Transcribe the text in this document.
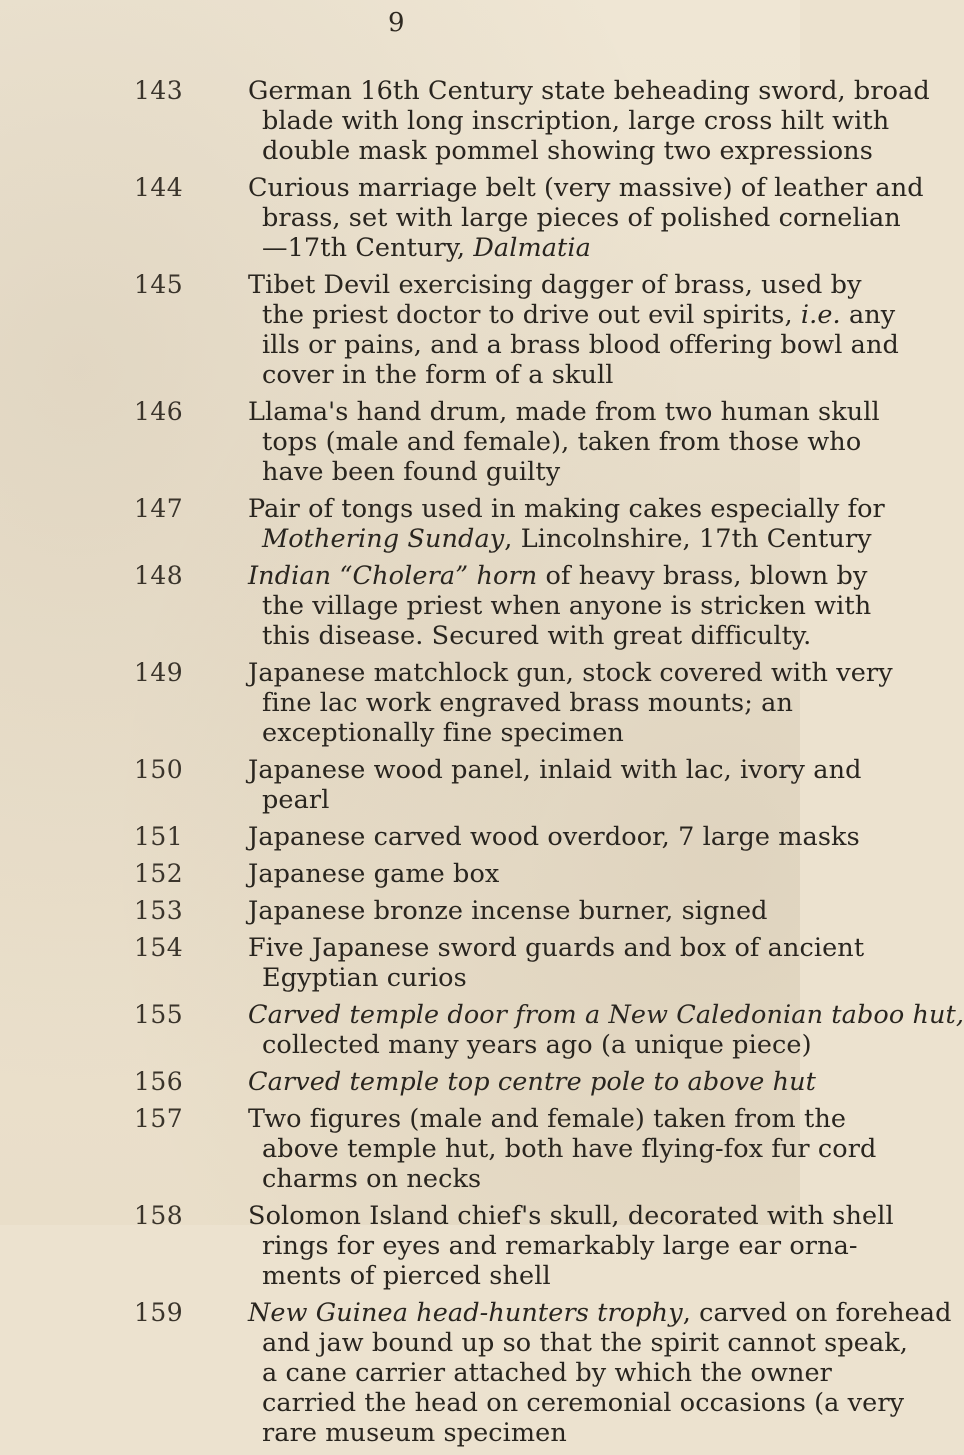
9
143	German 16th Century state beheading sword, broad
blade with long inscription, large cross hilt with
double mask pommel showing two expressions
144	Curious marriage belt (very massive) of leather and
brass, set with large pieces of polished cornelian
—17th Century, Dalmatia
145	Tibet Devil exercising dagger of brass, used by
the priest doctor to drive out evil spirits, i.e. any
ills or pains, and a brass blood offering bowl and
cover in the form of a skull
146	Llama's hand drum, made from two human skull
tops (male and female), taken from those who
have been found guilty
147	Pair of tongs used in making cakes especially for
Mothering Sunday, Lincolnshire, 17th Century
148	Indian “Cholera” horn of heavy brass, blown by
the village priest when anyone is stricken with
this disease. Secured with great difficulty.
149	Japanese matchlock gun, stock covered with very
fine lac work engraved brass mounts; an
exceptionally fine specimen
150	Japanese wood panel, inlaid with lac, ivory and
pearl
151	Japanese carved wood overdoor, 7 large masks
152	Japanese game box
153	Japanese bronze incense burner, signed
154	Five Japanese sword guards and box of ancient
Egyptian curios
155	Carved temple door from a New Caledonian taboo hut,
collected many years ago (a unique piece)
156	Carved temple top centre pole to above hut
157	Two figures (male and female) taken from the
above temple hut, both have flying-fox fur cord
charms on necks
158	Solomon Island chief's skull, decorated with shell
rings for eyes and remarkably large ear orna-
ments of pierced shell
159	New Guinea head-hunters trophy, carved on forehead
and jaw bound up so that the spirit cannot speak,
a cane carrier attached by which the owner
carried the head on ceremonial occasions (a very
rare museum specimen
